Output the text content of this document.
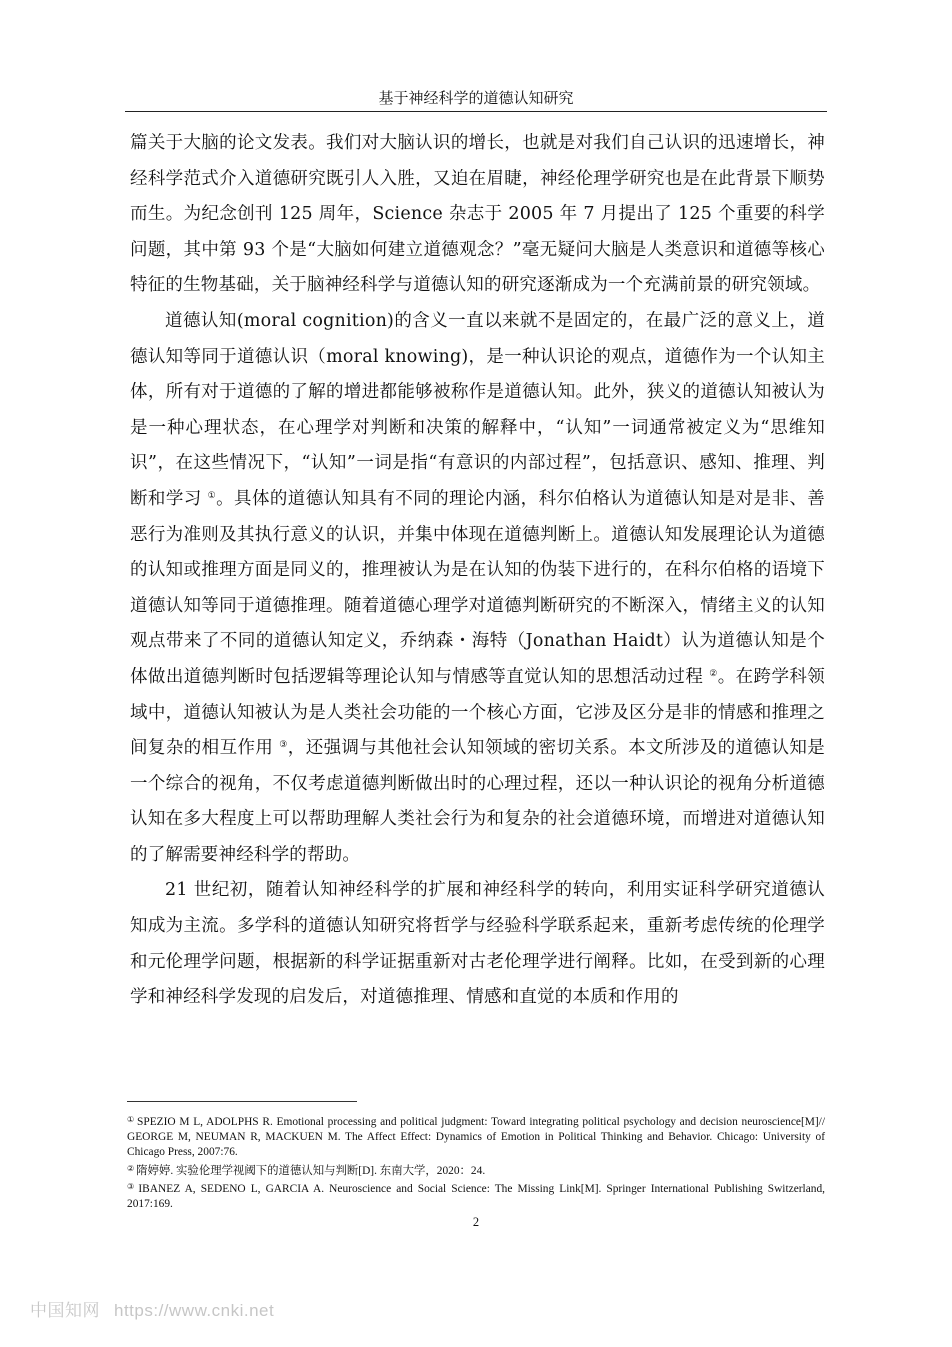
基于神经科学的道德认知研究

篇关于大脑的论文发表。我们对大脑认识的增长，也就是对我们自己认识的迅速增长，神经科学范式介入道德研究既引人入胜，又迫在眉睫，神经伦理学研究也是在此背景下顺势而生。为纪念创刊 125 周年，Science 杂志于 2005 年 7 月提出了 125 个重要的科学问题，其中第 93 个是“大脑如何建立道德观念？”毫无疑问大脑是人类意识和道德等核心特征的生物基础，关于脑神经科学与道德认知的研究逐渐成为一个充满前景的研究领域。

道德认知(moral cognition)的含义一直以来就不是固定的，在最广泛的意义上，道德认知等同于道德认识（moral knowing)，是一种认识论的观点，道德作为一个认知主体，所有对于道德的了解的增进都能够被称作是道德认知。此外，狭义的道德认知被认为是一种心理状态，在心理学对判断和决策的解释中，“认知”一词通常被定义为“思维知识”，在这些情况下，“认知”一词是指“有意识的内部过程”，包括意识、感知、推理、判断和学习 ①。具体的道德认知具有不同的理论内涵，科尔伯格认为道德认知是对是非、善恶行为准则及其执行意义的认识，并集中体现在道德判断上。道德认知发展理论认为道德的认知或推理方面是同义的，推理被认为是在认知的伪装下进行的，在科尔伯格的语境下道德认知等同于道德推理。随着道德心理学对道德判断研究的不断深入，情绪主义的认知观点带来了不同的道德认知定义，乔纳森・海特（Jonathan Haidt）认为道德认知是个体做出道德判断时包括逻辑等理论认知与情感等直觉认知的思想活动过程 ②。在跨学科领域中，道德认知被认为是人类社会功能的一个核心方面，它涉及区分是非的情感和推理之间复杂的相互作用 ③，还强调与其他社会认知领域的密切关系。本文所涉及的道德认知是一个综合的视角，不仅考虑道德判断做出时的心理过程，还以一种认识论的视角分析道德认知在多大程度上可以帮助理解人类社会行为和复杂的社会道德环境，而增进对道德认知的了解需要神经科学的帮助。

21 世纪初，随着认知神经科学的扩展和神经科学的转向，利用实证科学研究道德认知成为主流。多学科的道德认知研究将哲学与经验科学联系起来，重新考虑传统的伦理学和元伦理学问题，根据新的科学证据重新对古老伦理学进行阐释。比如，在受到新的心理学和神经科学发现的启发后，对道德推理、情感和直觉的本质和作用的

① SPEZIO M L, ADOLPHS R. Emotional processing and political judgment: Toward integrating political psychology and decision neuroscience[M]// GEORGE M, NEUMAN R, MACKUEN M. The Affect Effect: Dynamics of Emotion in Political Thinking and Behavior. Chicago: University of Chicago Press, 2007:76.

② 隋婷婷. 实验伦理学视阈下的道德认知与判断[D]. 东南大学，2020：24.

③ IBANEZ A, SEDENO L, GARCIA A. Neuroscience and Social Science: The Missing Link[M]. Springer International Publishing Switzerland, 2017:169.

2
中国知网 https://www.cnki.net
